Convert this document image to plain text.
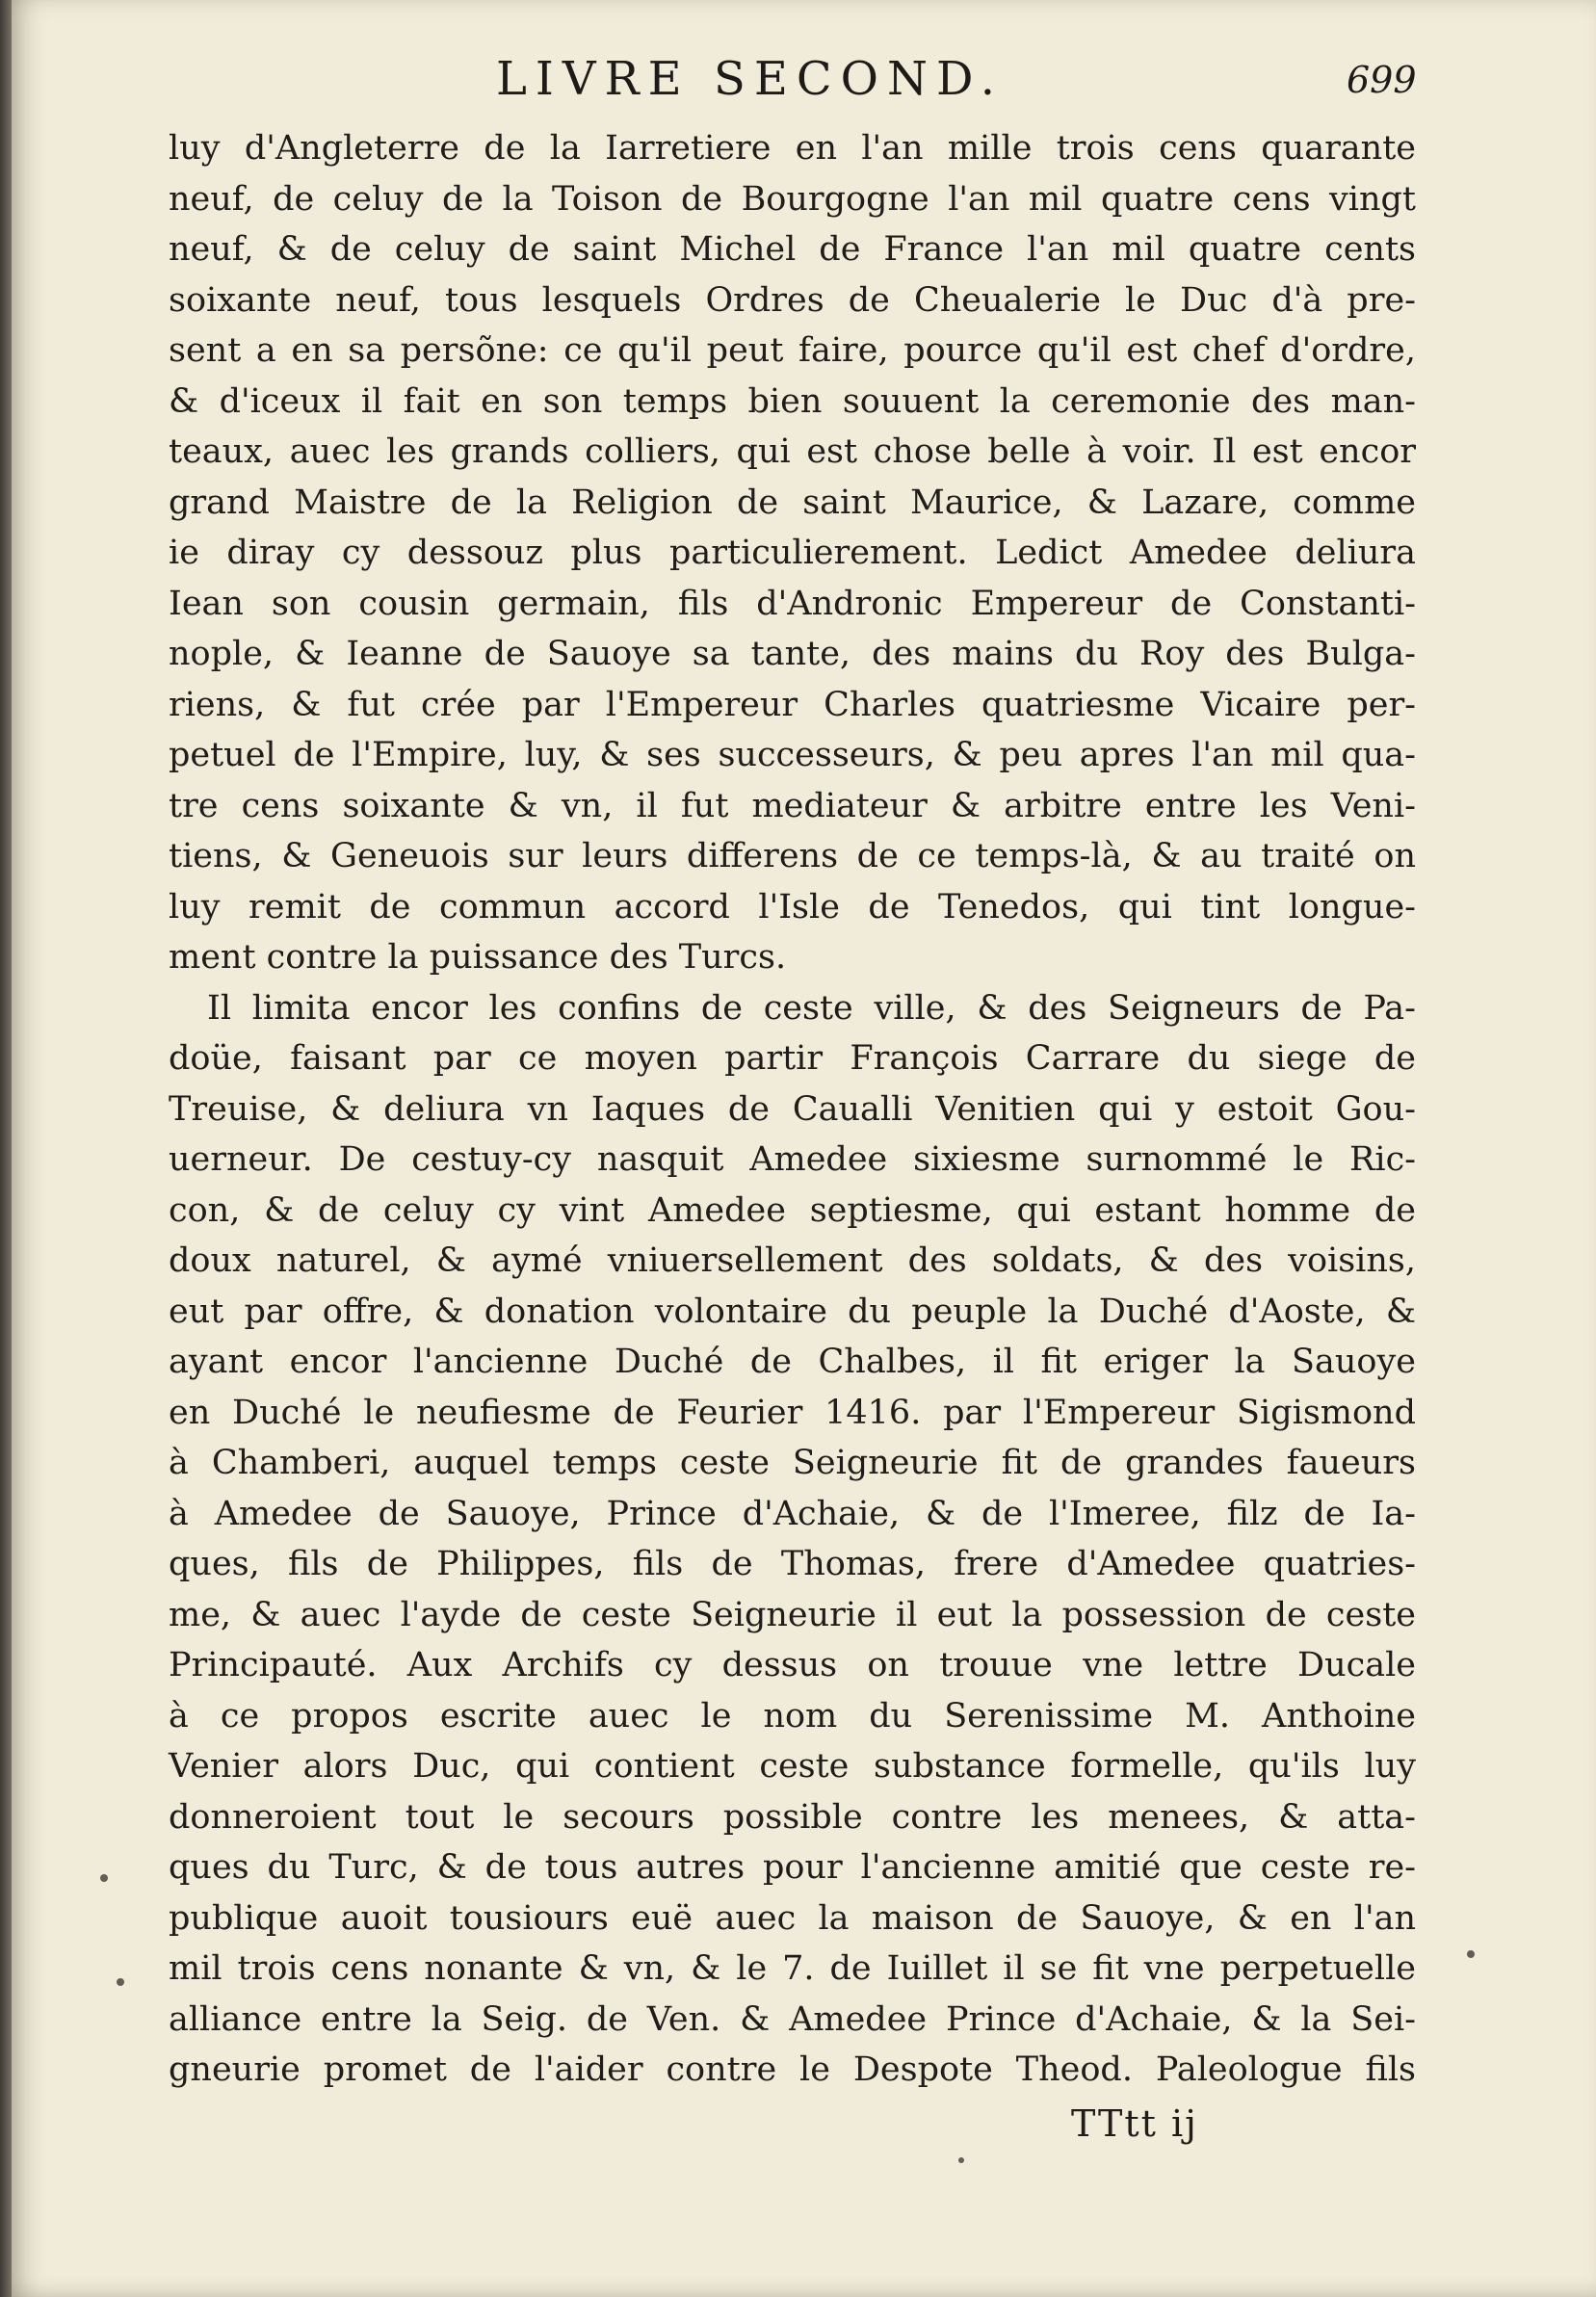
LIVRE SECOND.	699
luy d'Angleterre de la Iarretiere en l'an mille trois cens quarante
neuf, de celuy de la Toison de Bourgogne l'an mil quatre cens vingt
neuf, & de celuy de saint Michel de France l'an mil quatre cents
soixante neuf, tous lesquels Ordres de Cheualerie le Duc d'à pre-
sent a en sa persõne: ce qu'il peut faire, pource qu'il est chef d'ordre,
& d'iceux il fait en son temps bien souuent la ceremonie des man-
teaux, auec les grands colliers, qui est chose belle à voir. Il est encor
grand Maistre de la Religion de saint Maurice, & Lazare, comme
ie diray cy dessouz plus particulierement. Ledict Amedee deliura
Iean son cousin germain, fils d'Andronic Empereur de Constanti-
nople, & Ieanne de Sauoye sa tante, des mains du Roy des Bulga-
riens, & fut crée par l'Empereur Charles quatriesme Vicaire per-
petuel de l'Empire, luy, & ses successeurs, & peu apres l'an mil qua-
tre cens soixante & vn, il fut mediateur & arbitre entre les Veni-
tiens, & Geneuois sur leurs differens de ce temps-là, & au traité on
luy remit de commun accord l'Isle de Tenedos, qui tint longue-
ment contre la puissance des Turcs.
Il limita encor les confins de ceste ville, & des Seigneurs de Pa-
doüe, faisant par ce moyen partir François Carrare du siege de
Treuise, & deliura vn Iaques de Caualli Venitien qui y estoit Gou-
uerneur. De cestuy-cy nasquit Amedee sixiesme surnommé le Ric-
con, & de celuy cy vint Amedee septiesme, qui estant homme de
doux naturel, & aymé vniuersellement des soldats, & des voisins,
eut par offre, & donation volontaire du peuple la Duché d'Aoste, &
ayant encor l'ancienne Duché de Chalbes, il fit eriger la Sauoye
en Duché le neufiesme de Feurier 1416. par l'Empereur Sigismond
à Chamberi, auquel temps ceste Seigneurie fit de grandes faueurs
à Amedee de Sauoye, Prince d'Achaie, & de l'Imeree, filz de Ia-
ques, fils de Philippes, fils de Thomas, frere d'Amedee quatries-
me, & auec l'ayde de ceste Seigneurie il eut la possession de ceste
Principauté. Aux Archifs cy dessus on trouue vne lettre Ducale
à ce propos escrite auec le nom du Serenissime M. Anthoine
Venier alors Duc, qui contient ceste substance formelle, qu'ils luy
donneroient tout le secours possible contre les menees, & atta-
ques du Turc, & de tous autres pour l'ancienne amitié que ceste re-
publique auoit tousiours euë auec la maison de Sauoye, & en l'an
mil trois cens nonante & vn, & le 7. de Iuillet il se fit vne perpetuelle
alliance entre la Seig. de Ven. & Amedee Prince d'Achaie, & la Sei-
gneurie promet de l'aider contre le Despote Theod. Paleologue fils
TTtt ij
